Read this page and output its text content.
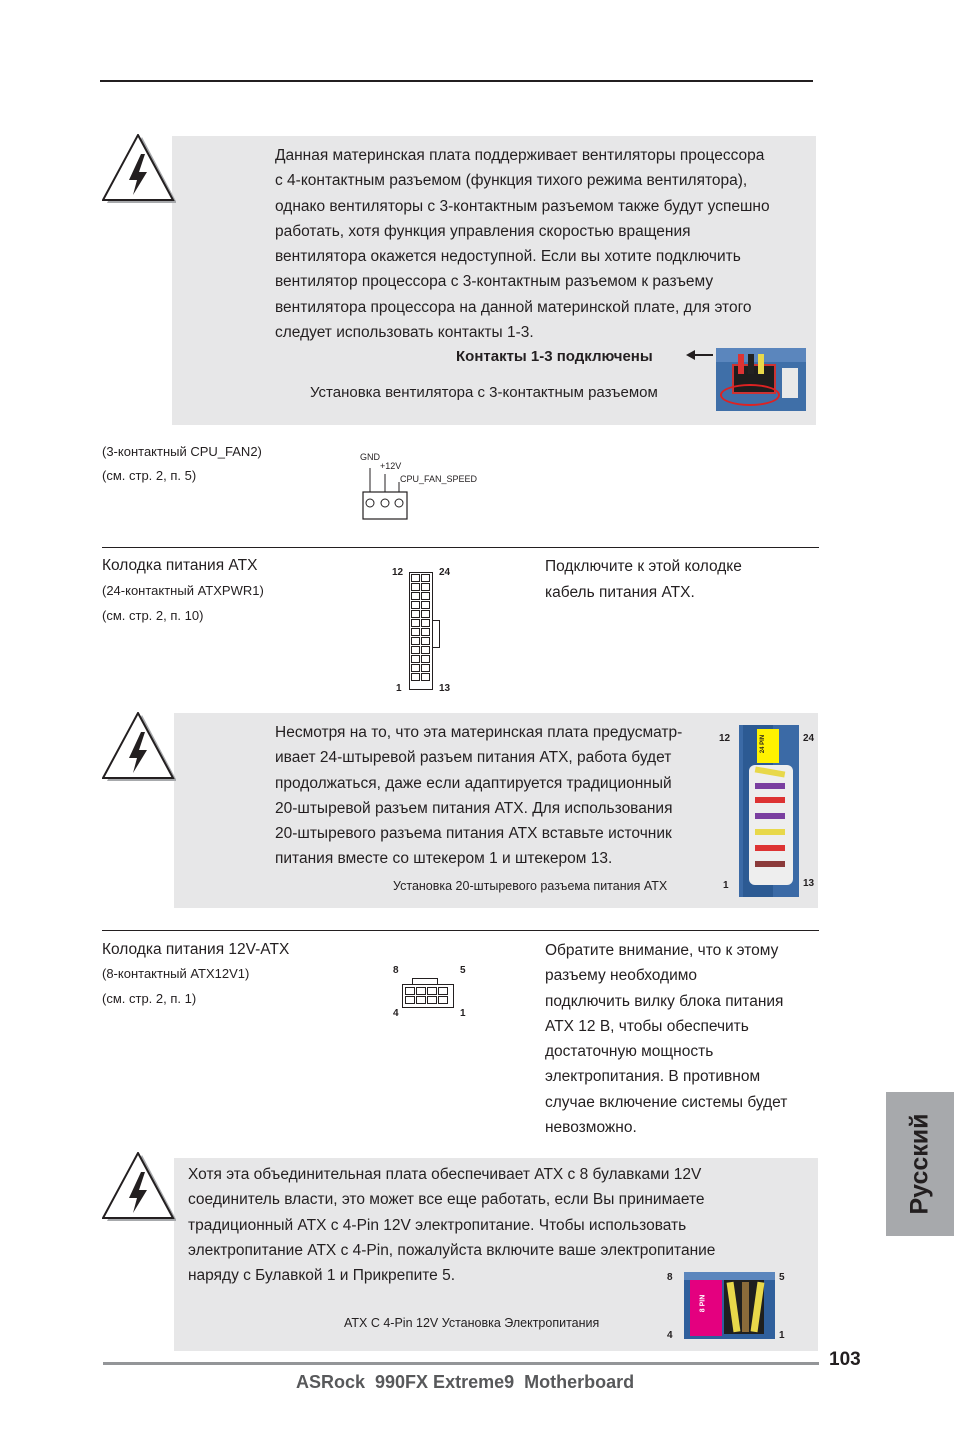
Данная материнская плата поддерживает вентиляторы процессора
с 4-контактным разъемом (функция тихого режима вентилятора),
однако вентиляторы с 3-контактным разъемом также будут успешно
работать, хотя функция управления скоростью вращения
вентилятора окажется недоступной. Если вы хотите подключить
вентилятор процессора с 3-контактным разъемом к разъему
вентилятора процессора на данной материнской плате, для этого
следует использовать контакты 1-3.
Контакты 1-3 подключены
Установка вентилятора с 3-контактным разъемом
(3-контактный CPU_FAN2)
(см. стр. 2, п. 5)
GND
+12V
CPU_FAN_SPEED
Колодка питания ATX
(24-контактный ATXPWR1)
(см. стр. 2, п. 10)
12	24
1	13
Подключите к этой колодке
кабель питания ATX.
Несмотря на то, что эта материнская плата предусматр-
ивает 24-штыревой разъем питания ATX, работа будет
продолжаться, даже если адаптируется традиционный
20-штыревой разъем питания ATX. Для использования
20-штыревого разъема питания ATX вставьте источник
питания вместе со штекером 1 и штекером 13.
Установка 20-штыревого разъема питания ATX
12	24
1	13
24 PIN
Колодка питания 12V-ATX
(8-контактный ATX12V1)
(см. стр. 2, п. 1)
8	5
4	1
Обратите внимание, что к этому
разъему необходимо
подключить вилку блока питания
ATX 12 В, чтобы обеспечить
достаточную мощность
электропитания. В противном
случае включение системы будет
невозможно.
Хотя эта объединительная плата обеспечивает ATX с 8 булавками 12V
соединитель власти, это может все еще работать, если Вы принимаете
традиционный ATX с 4-Pin 12V электропитание. Чтобы использовать
электропитание ATX с 4-Pin, пожалуйста включите ваше электропитание
наряду с Булавкой 1 и Прикрепите 5.
ATX С 4-Pin 12V Установка Электропитания
8	5
4	1
8 PIN
Русский
103
ASRock  990FX Extreme9  Motherboard
